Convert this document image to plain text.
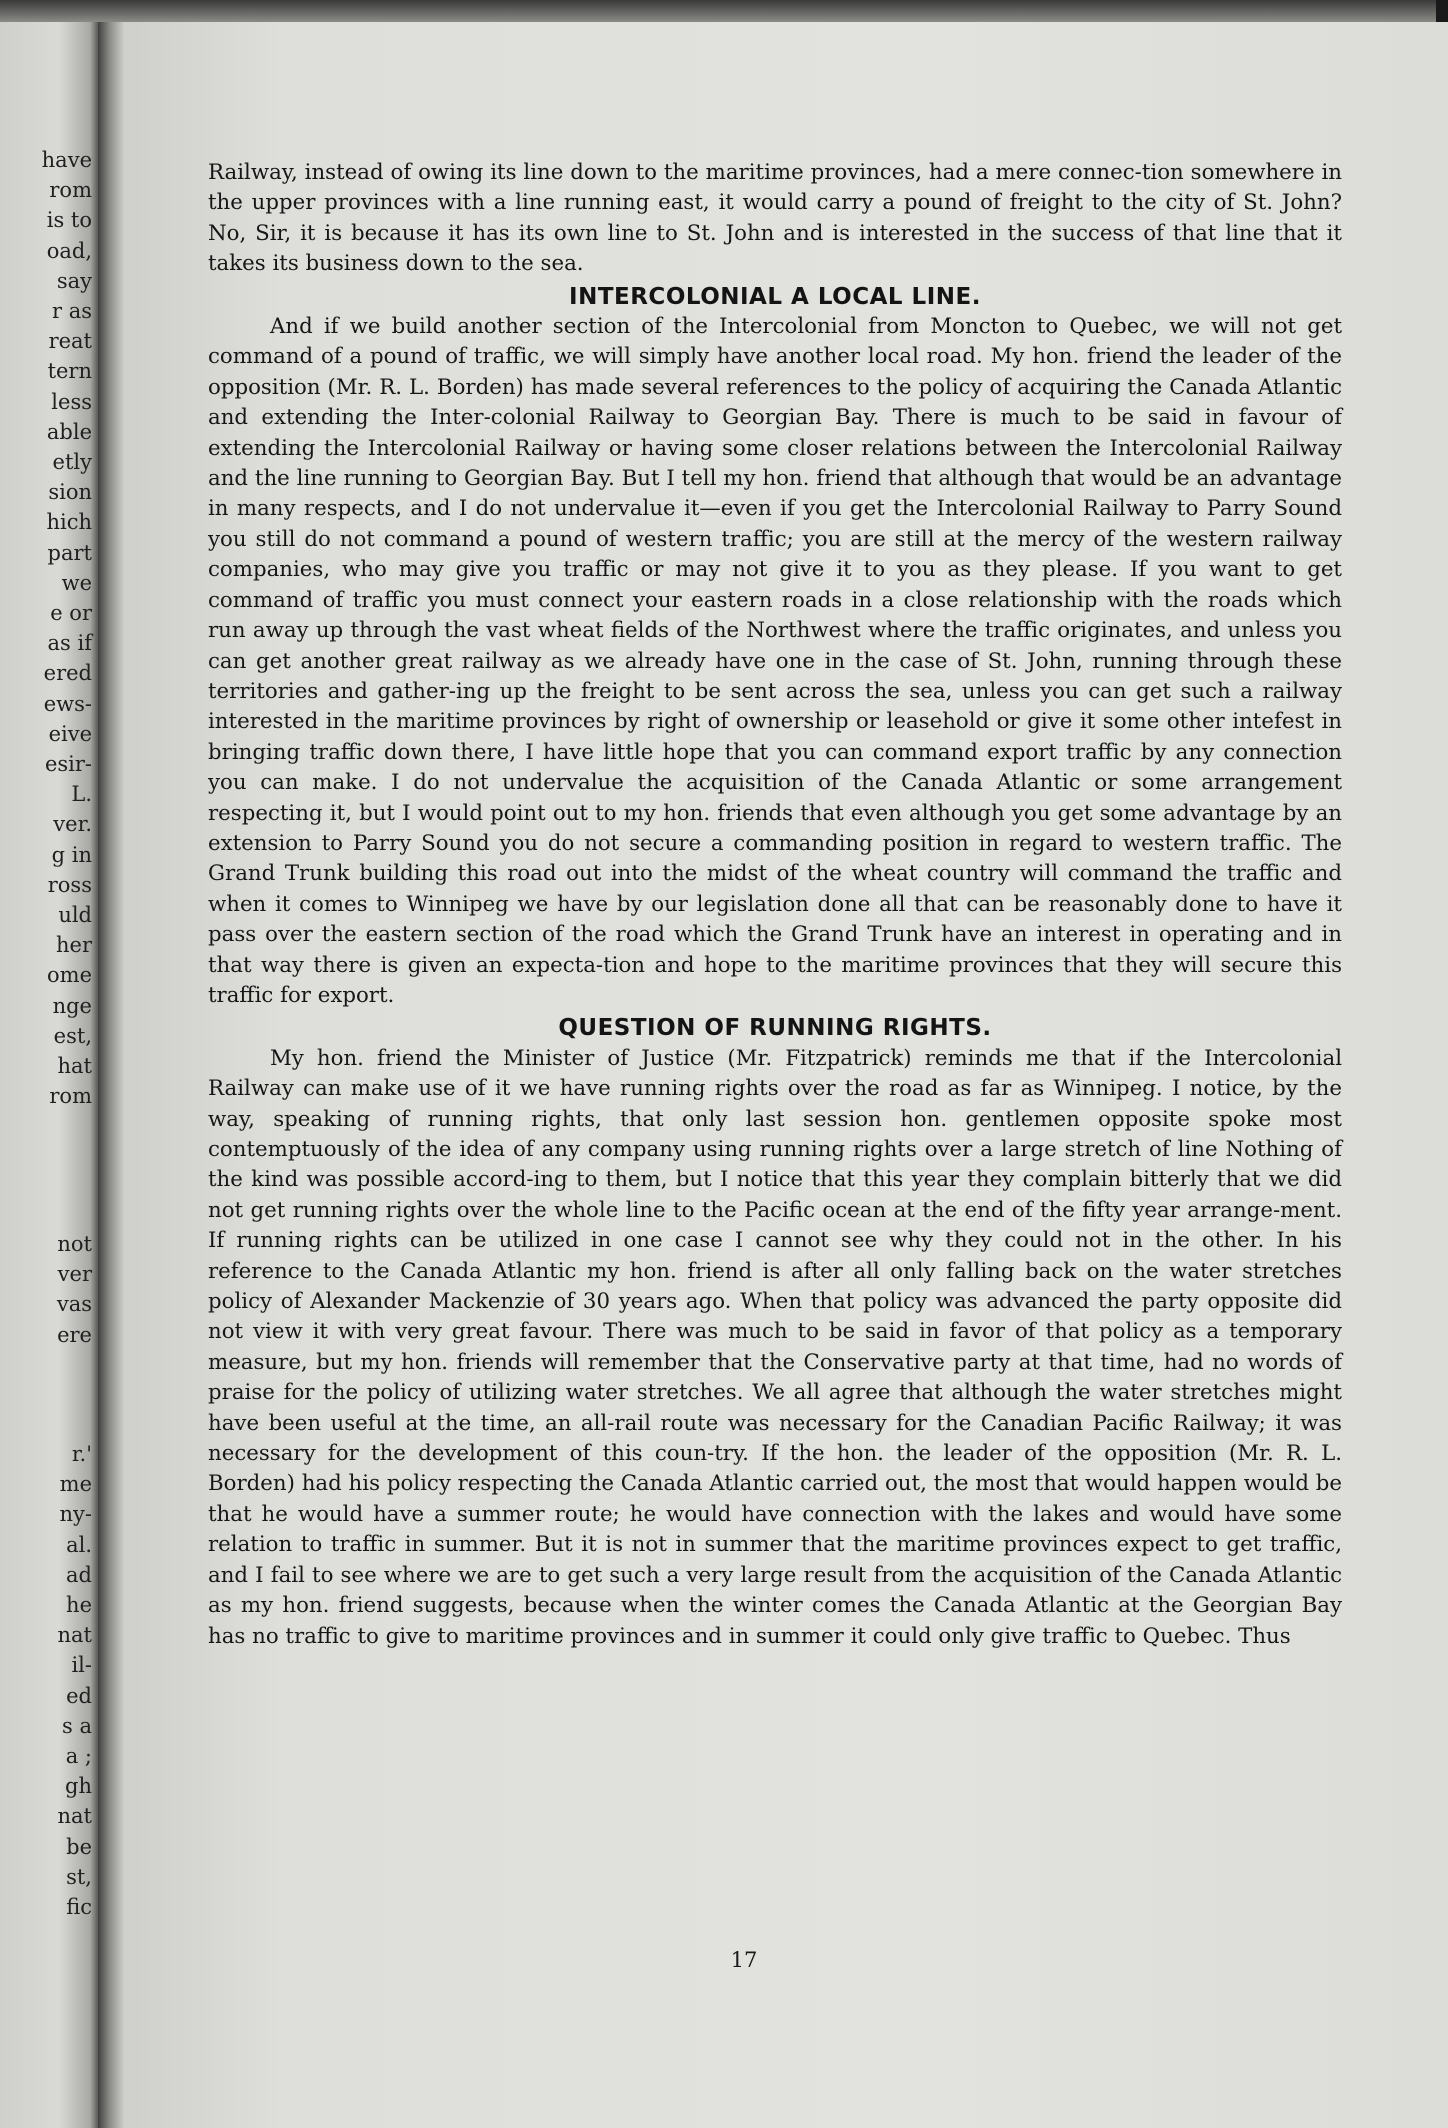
have
rom
is to
oad,
say
r as
reat
tern
less
able
etly
sion
hich
part
we
e or
as if
ered
ews-
eive
esir-
L.
ver.
g in
ross
uld
her
ome
nge
est,
hat
rom
not
ver
vas
ere
r.'
me
ny-
al.
ad
he
nat
il-
ed
s a
a ;
gh
nat
be
st,
fic

Railway, instead of owing its line down to the maritime provinces, had a mere connec-tion somewhere in the upper provinces with a line running east, it would carry a pound of freight to the city of St. John? No, Sir, it is because it has its own line to St. John and is interested in the success of that line that it takes its business down to the sea.

INTERCOLONIAL A LOCAL LINE.

And if we build another section of the Intercolonial from Moncton to Quebec, we will not get command of a pound of traffic, we will simply have another local road. My hon. friend the leader of the opposition (Mr. R. L. Borden) has made several references to the policy of acquiring the Canada Atlantic and extending the Inter-colonial Railway to Georgian Bay. There is much to be said in favour of extending the Intercolonial Railway or having some closer relations between the Intercolonial Railway and the line running to Georgian Bay. But I tell my hon. friend that although that would be an advantage in many respects, and I do not undervalue it—even if you get the Intercolonial Railway to Parry Sound you still do not command a pound of western traffic; you are still at the mercy of the western railway companies, who may give you traffic or may not give it to you as they please. If you want to get command of traffic you must connect your eastern roads in a close relationship with the roads which run away up through the vast wheat fields of the Northwest where the traffic originates, and unless you can get another great railway as we already have one in the case of St. John, running through these territories and gather-ing up the freight to be sent across the sea, unless you can get such a railway interested in the maritime provinces by right of ownership or leasehold or give it some other intefest in bringing traffic down there, I have little hope that you can command export traffic by any connection you can make. I do not undervalue the acquisition of the Canada Atlantic or some arrangement respecting it, but I would point out to my hon. friends that even although you get some advantage by an extension to Parry Sound you do not secure a commanding position in regard to western traffic. The Grand Trunk building this road out into the midst of the wheat country will command the traffic and when it comes to Winnipeg we have by our legislation done all that can be reasonably done to have it pass over the eastern section of the road which the Grand Trunk have an interest in operating and in that way there is given an expecta-tion and hope to the maritime provinces that they will secure this traffic for export.

QUESTION OF RUNNING RIGHTS.

My hon. friend the Minister of Justice (Mr. Fitzpatrick) reminds me that if the Intercolonial Railway can make use of it we have running rights over the road as far as Winnipeg. I notice, by the way, speaking of running rights, that only last session hon. gentlemen opposite spoke most contemptuously of the idea of any company using running rights over a large stretch of line Nothing of the kind was possible accord-ing to them, but I notice that this year they complain bitterly that we did not get running rights over the whole line to the Pacific ocean at the end of the fifty year arrange-ment. If running rights can be utilized in one case I cannot see why they could not in the other. In his reference to the Canada Atlantic my hon. friend is after all only falling back on the water stretches policy of Alexander Mackenzie of 30 years ago. When that policy was advanced the party opposite did not view it with very great favour. There was much to be said in favor of that policy as a temporary measure, but my hon. friends will remember that the Conservative party at that time, had no words of praise for the policy of utilizing water stretches. We all agree that although the water stretches might have been useful at the time, an all-rail route was necessary for the Canadian Pacific Railway; it was necessary for the development of this coun-try. If the hon. the leader of the opposition (Mr. R. L. Borden) had his policy respecting the Canada Atlantic carried out, the most that would happen would be that he would have a summer route; he would have connection with the lakes and would have some relation to traffic in summer. But it is not in summer that the maritime provinces expect to get traffic, and I fail to see where we are to get such a very large result from the acquisition of the Canada Atlantic as my hon. friend suggests, because when the winter comes the Canada Atlantic at the Georgian Bay has no traffic to give to maritime provinces and in summer it could only give traffic to Quebec. Thus

17
